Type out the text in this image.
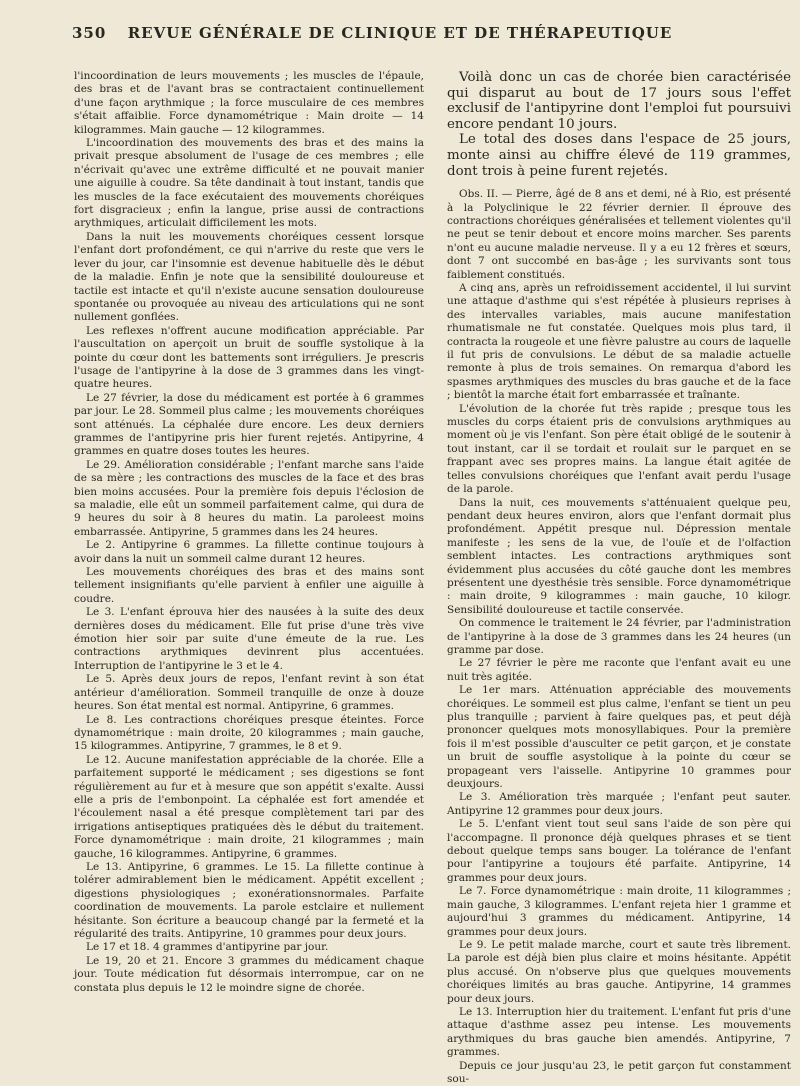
350	REVUE GÉNÉRALE DE CLINIQUE ET DE THÉRAPEUTIQUE

l'incoordination de leurs mouvements ; les muscles de l'épaule, des bras et de l'avant bras se contractaient continuellement d'une façon arythmique ; la force musculaire de ces membres s'était affaiblie. Force dynamométrique : Main droite — 14 kilogrammes. Main gauche — 12 kilogrammes.

L'incoordination des mouvements des bras et des mains la privait presque absolument de l'usage de ces membres ; elle n'écrivait qu'avec une extrême difficulté et ne pouvait manier une aiguille à coudre. Sa tête dandinait à tout instant, tandis que les muscles de la face exécutaient des mouvements choréiques fort disgracieux ; enfin la langue, prise aussi de contractions arythmiques, articulait difficilement les mots.

Dans la nuit les mouvements choréiques cessent lorsque l'enfant dort profondément, ce qui n'arrive du reste que vers le lever du jour, car l'insomnie est devenue habituelle dès le début de la maladie. Enfin je note que la sensibilité douloureuse et tactile est intacte et qu'il n'existe aucune sensation douloureuse spontanée ou provoquée au niveau des articulations qui ne sont nullement gonflées.

Les reflexes n'offrent aucune modification appréciable. Par l'auscultation on aperçoit un bruit de souffle systolique à la pointe du cœur dont les battements sont irréguliers. Je prescris l'usage de l'antipyrine à la dose de 3 grammes dans les vingt-quatre heures.

Le 27 février, la dose du médicament est portée à 6 grammes par jour. Le 28. Sommeil plus calme ; les mouvements choréiques sont atténués. La céphalée dure encore. Les deux derniers grammes de l'antipyrine pris hier furent rejetés. Antipyrine, 4 grammes en quatre doses toutes les heures.

Le 29. Amélioration considérable ; l'enfant marche sans l'aide de sa mère ; les contractions des muscles de la face et des bras bien moins accusées. Pour la première fois depuis l'éclosion de sa maladie, elle eût un sommeil parfaitement calme, qui dura de 9 heures du soir à 8 heures du matin. La paroleest moins embarrassée. Antipyrine, 5 grammes dans les 24 heures.

Le 2. Antipyrine 6 grammes. La fillette continue toujours à avoir dans la nuit un sommeil calme durant 12 heures.

Les mouvements choréiques des bras et des mains sont tellement insignifiants qu'elle parvient à enfiler une aiguille à coudre.

Le 3. L'enfant éprouva hier des nausées à la suite des deux dernières doses du médicament. Elle fut prise d'une très vive émotion hier soir par suite d'une émeute de la rue. Les contractions arythmiques devinrent plus accentuées. Interruption de l'antipyrine le 3 et le 4.

Le 5. Après deux jours de repos, l'enfant revint à son état antérieur d'amélioration. Sommeil tranquille de onze à douze heures. Son état mental est normal. Antipyrine, 6 grammes.

Le 8. Les contractions choréiques presque éteintes. Force dynamométrique : main droite, 20 kilogrammes ; main gauche, 15 kilogrammes. Antipyrine, 7 grammes, le 8 et 9.

Le 12. Aucune manifestation appréciable de la chorée. Elle a parfaitement supporté le médicament ; ses digestions se font régulièrement au fur et à mesure que son appétit s'exalte. Aussi elle a pris de l'embonpoint. La céphalée est fort amendée et l'écoulement nasal a été presque complètement tari par des irrigations antiseptiques pratiquées dès le début du traitement. Force dynamométrique : main droite, 21 kilogrammes ; main gauche, 16 kilogrammes. Antipyrine, 6 grammes.

Le 13. Antipyrine, 6 grammes. Le 15. La fillette continue à tolérer admirablement bien le médicament. Appétit excellent ; digestions physiologiques ; exonérationsnormales. Parfaite coordination de mouvements. La parole estclaire et nullement hésitante. Son écriture a beaucoup changé par la fermeté et la régularité des traits. Antipyrine, 10 grammes pour deux jours.

Le 17 et 18. 4 grammes d'antipyrine par jour.

Le 19, 20 et 21. Encore 3 grammes du médicament chaque jour. Toute médication fut désormais interrompue, car on ne constata plus depuis le 12 le moindre signe de chorée.

Voilà donc un cas de chorée bien caractérisée qui disparut au bout de 17 jours sous l'effet exclusif de l'antipyrine dont l'emploi fut poursuivi encore pendant 10 jours.

Le total des doses dans l'espace de 25 jours, monte ainsi au chiffre élevé de 119 grammes, dont trois à peine furent rejetés.

Obs. II. — Pierre, âgé de 8 ans et demi, né à Rio, est présenté à la Polyclinique le 22 février dernier. Il éprouve des contractions choréiques généralisées et tellement violentes qu'il ne peut se tenir debout et encore moins marcher. Ses parents n'ont eu aucune maladie nerveuse. Il y a eu 12 frères et sœurs, dont 7 ont succombé en bas-âge ; les survivants sont tous faiblement constitués.

A cinq ans, après un refroidissement accidentel, il lui survint une attaque d'asthme qui s'est répétée à plusieurs reprises à des intervalles variables, mais aucune manifestation rhumatismale ne fut constatée. Quelques mois plus tard, il contracta la rougeole et une fièvre palustre au cours de laquelle il fut pris de convulsions. Le début de sa maladie actuelle remonte à plus de trois semaines. On remarqua d'abord les spasmes arythmiques des muscles du bras gauche et de la face ; bientôt la marche était fort embarrassée et traînante.

L'évolution de la chorée fut très rapide ; presque tous les muscles du corps étaient pris de convulsions arythmiques au moment où je vis l'enfant. Son père était obligé de le soutenir à tout instant, car il se tordait et roulait sur le parquet en se frappant avec ses propres mains. La langue était agitée de telles convulsions choréiques que l'enfant avait perdu l'usage de la parole.

Dans la nuit, ces mouvements s'atténuaient quelque peu, pendant deux heures environ, alors que l'enfant dormait plus profondément. Appétit presque nul. Dépression mentale manifeste ; les sens de la vue, de l'ouïe et de l'olfaction semblent intactes. Les contractions arythmiques sont évidemment plus accusées du côté gauche dont les membres présentent une dyesthésie très sensible. Force dynamométrique : main droite, 9 kilogrammes : main gauche, 10 kilogr. Sensibilité douloureuse et tactile conservée.

On commence le traitement le 24 février, par l'administration de l'antipyrine à la dose de 3 grammes dans les 24 heures (un gramme par dose.

Le 27 février le père me raconte que l'enfant avait eu une nuit très agitée.

Le 1er mars. Atténuation appréciable des mouvements choréiques. Le sommeil est plus calme, l'enfant se tient un peu plus tranquille ; parvient à faire quelques pas, et peut déjà prononcer quelques mots monosyllabiques. Pour la première fois il m'est possible d'ausculter ce petit garçon, et je constate un bruit de souffle asystolique à la pointe du cœur se propageant vers l'aisselle. Antipyrine 10 grammes pour deuxjours.

Le 3. Amélioration très marquée ; l'enfant peut sauter. Antipyrine 12 grammes pour deux jours.

Le 5. L'enfant vient tout seul sans l'aide de son père qui l'accompagne. Il prononce déjà quelques phrases et se tient debout quelque temps sans bouger. La tolérance de l'enfant pour l'antipyrine a toujours été parfaite. Antipyrine, 14 grammes pour deux jours.

Le 7. Force dynamométrique : main droite, 11 kilogrammes ; main gauche, 3 kilogrammes. L'enfant rejeta hier 1 gramme et aujourd'hui 3 grammes du médicament. Antipyrine, 14 grammes pour deux jours.

Le 9. Le petit malade marche, court et saute très librement. La parole est déjà bien plus claire et moins hésitante. Appétit plus accusé. On n'observe plus que quelques mouvements choréiques limités au bras gauche. Antipyrine, 14 grammes pour deux jours.

Le 13. Interruption hier du traitement. L'enfant fut pris d'une attaque d'asthme assez peu intense. Les mouvements arythmiques du bras gauche bien amendés. Antipyrine, 7 grammes.

Depuis ce jour jusqu'au 23, le petit garçon fut constamment sou-
